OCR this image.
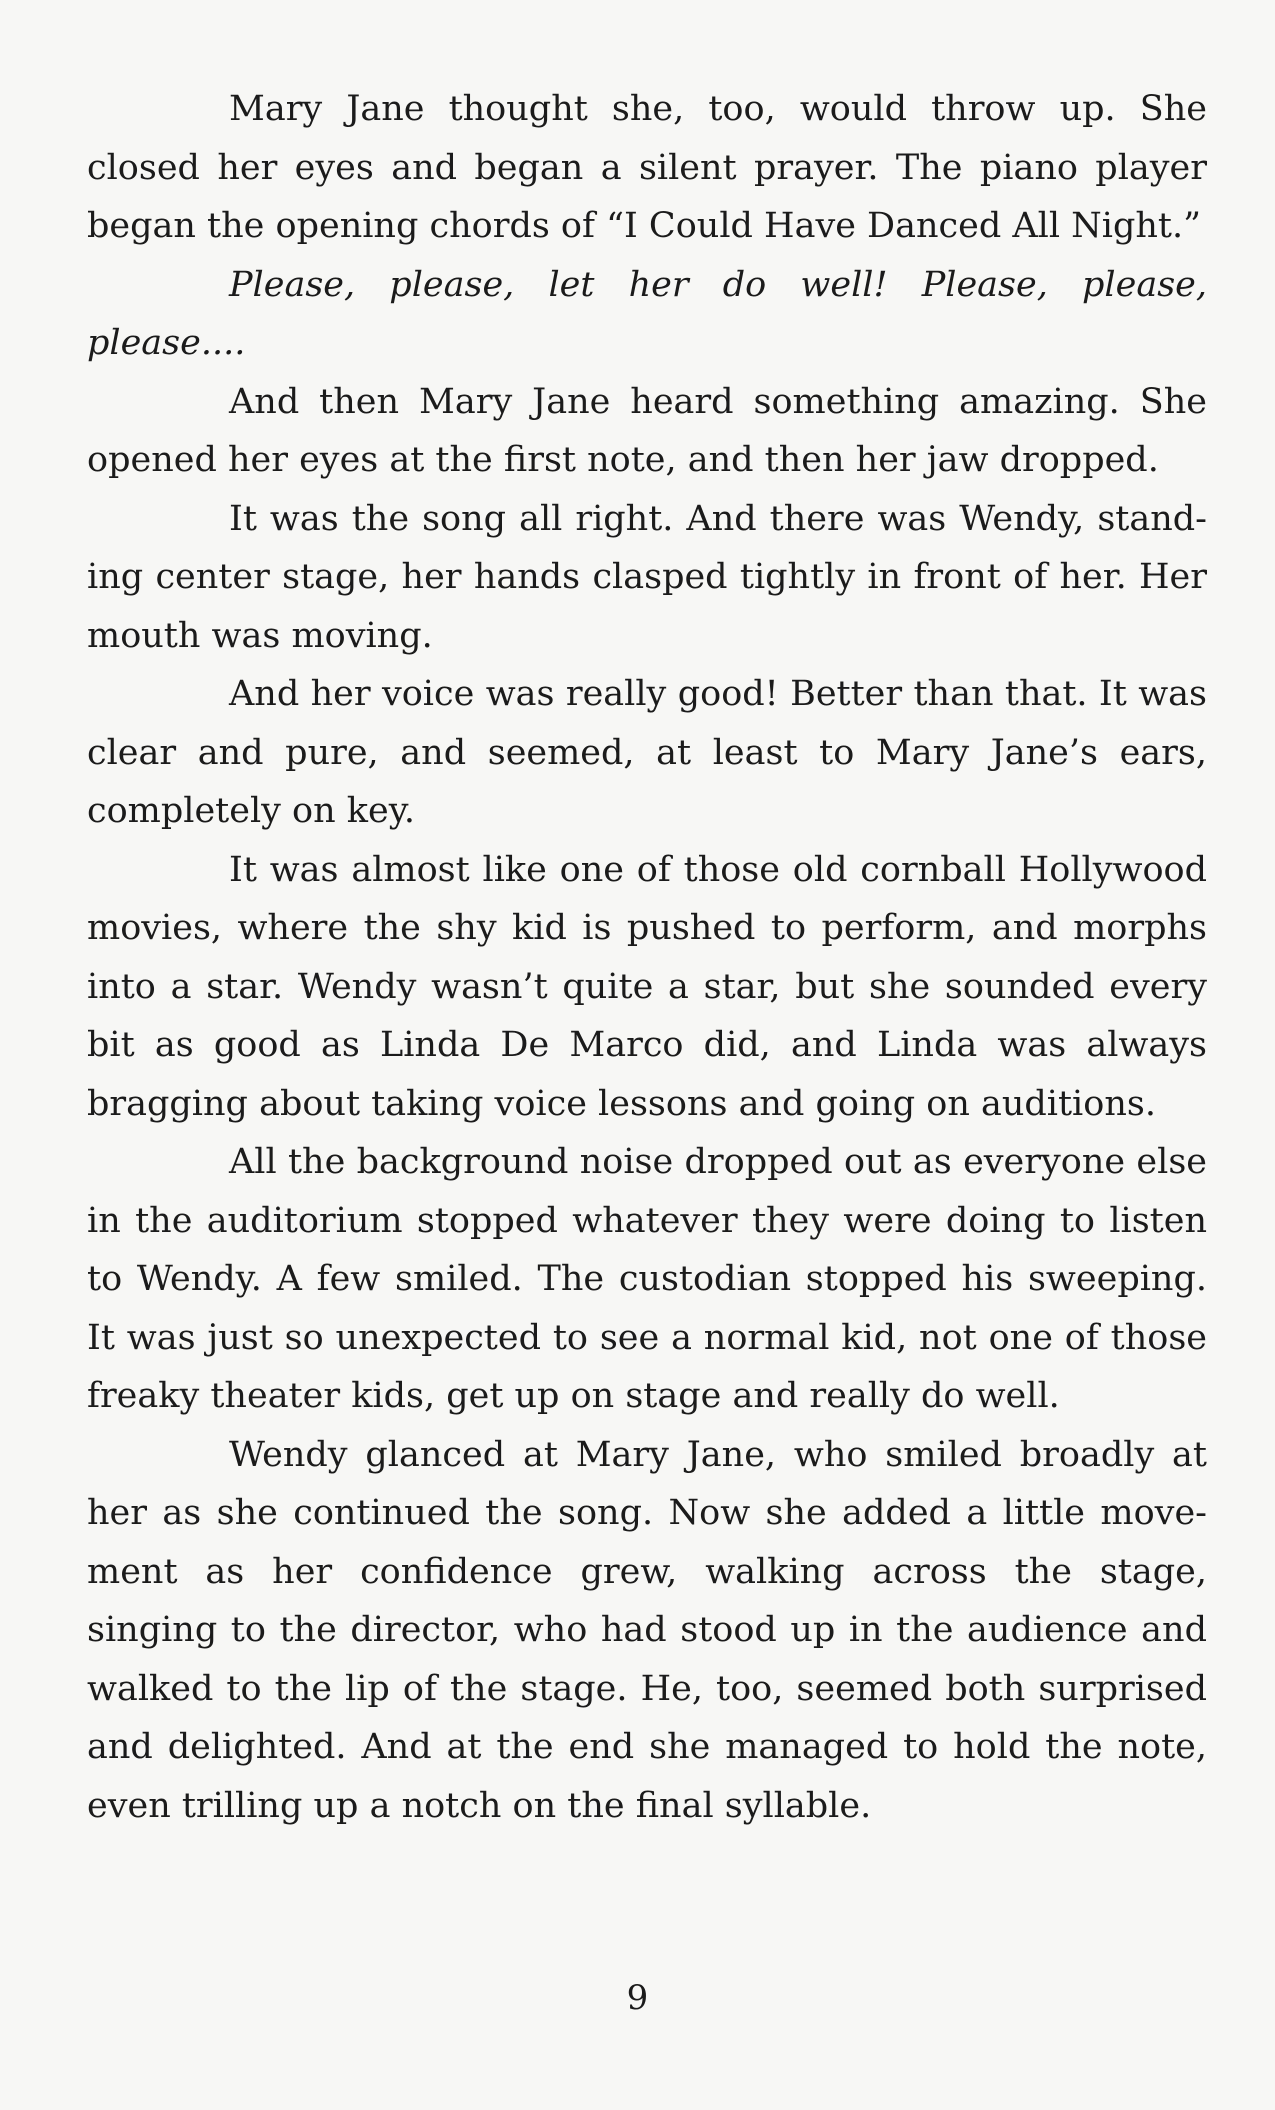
Mary Jane thought she, too, would throw up. She closed her eyes and began a silent prayer. The piano player began the opening chords of “I Could Have Danced All Night.”

Please, please, let her do well! Please, please, please....

And then Mary Jane heard something amazing. She opened her eyes at the first note, and then her jaw dropped.

It was the song all right. And there was Wendy, standing center stage, her hands clasped tightly in front of her. Her mouth was moving.

And her voice was really good! Better than that. It was clear and pure, and seemed, at least to Mary Jane’s ears, completely on key.

It was almost like one of those old cornball Hollywood movies, where the shy kid is pushed to perform, and morphs into a star. Wendy wasn’t quite a star, but she sounded every bit as good as Linda De Marco did, and Linda was always bragging about taking voice lessons and going on auditions.

All the background noise dropped out as everyone else in the auditorium stopped whatever they were doing to listen to Wendy. A few smiled. The custodian stopped his sweeping. It was just so unexpected to see a normal kid, not one of those freaky theater kids, get up on stage and really do well.

Wendy glanced at Mary Jane, who smiled broadly at her as she continued the song. Now she added a little movement as her confidence grew, walking across the stage, singing to the director, who had stood up in the audience and walked to the lip of the stage. He, too, seemed both surprised and delighted. And at the end she managed to hold the note, even trilling up a notch on the final syllable.

9
